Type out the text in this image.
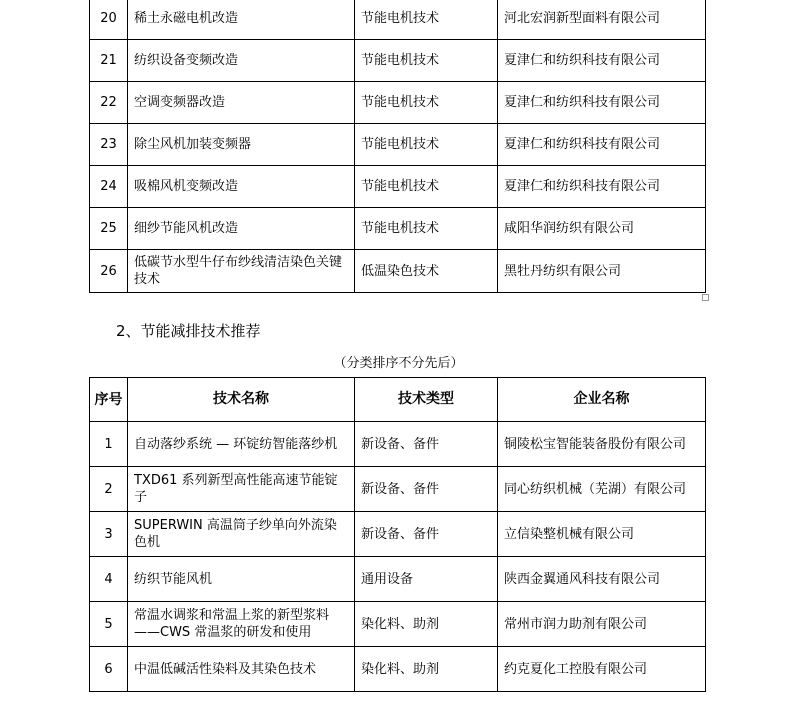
20	稀土永磁电机改造	节能电机技术	河北宏润新型面料有限公司
21	纺织设备变频改造	节能电机技术	夏津仁和纺织科技有限公司
22	空调变频器改造	节能电机技术	夏津仁和纺织科技有限公司
23	除尘风机加装变频器	节能电机技术	夏津仁和纺织科技有限公司
24	吸棉风机变频改造	节能电机技术	夏津仁和纺织科技有限公司
25	细纱节能风机改造	节能电机技术	咸阳华润纺织有限公司
26	低碳节水型牛仔布纱线清洁染色关键技术	低温染色技术	黑牡丹纺织有限公司
2、节能减排技术推荐
（分类排序不分先后）
序号	技术名称	技术类型	企业名称
1	自动落纱系统 — 环锭纺智能落纱机	新设备、备件	铜陵松宝智能装备股份有限公司
2	TXD61 系列新型高性能高速节能锭子	新设备、备件	同心纺织机械（芜湖）有限公司
3	SUPERWIN 高温筒子纱单向外流染色机	新设备、备件	立信染整机械有限公司
4	纺织节能风机	通用设备	陕西金翼通风科技有限公司
5	常温水调浆和常温上浆的新型浆料——CWS 常温浆的研发和使用	染化料、助剂	常州市润力助剂有限公司
6	中温低碱活性染料及其染色技术	染化料、助剂	约克夏化工控股有限公司
